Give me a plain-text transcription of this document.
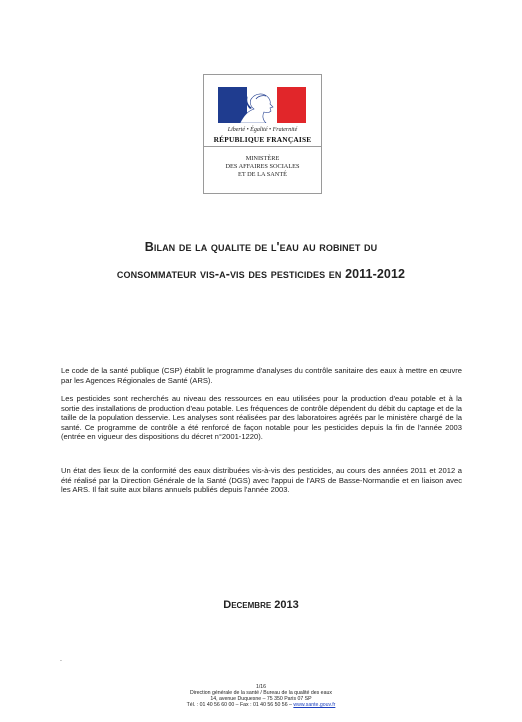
Liberté • Égalité • Fraternité
RÉPUBLIQUE FRANÇAISE
MINISTÈRE
DES AFFAIRES SOCIALES
ET DE LA SANTÉ
Bilan de la qualite de l'eau au robinet du
consommateur vis-a-vis des pesticides en 2011-2012
Le code de la santé publique (CSP) établit le programme d'analyses du contrôle sanitaire des eaux à mettre en œuvre par les Agences Régionales de Santé (ARS).
Les pesticides sont recherchés au niveau des ressources en eau utilisées pour la production d'eau potable et à la sortie des installations de production d'eau potable. Les fréquences de contrôle dépendent du débit du captage et de la taille de la population desservie. Les analyses sont réalisées par des laboratoires agréés par le ministère chargé de la santé. Ce programme de contrôle a été renforcé de façon notable pour les pesticides depuis la fin de l'année 2003 (entrée en vigueur des dispositions du décret n°2001-1220).
Un état des lieux de la conformité des eaux distribuées vis-à-vis des pesticides, au cours des années 2011 et 2012 a été réalisé par la Direction Générale de la Santé (DGS) avec l'appui de l'ARS de Basse-Normandie et en liaison avec les ARS. Il fait suite aux bilans annuels publiés depuis l'année 2003.
Decembre 2013
.
1/16
Direction générale de la santé / Bureau de la qualité des eaux
14, avenue Duquesne – 75 350 Paris 07 SP
Tél. : 01 40 56 60 00 – Fax : 01 40 56 50 56 – www.sante.gouv.fr
